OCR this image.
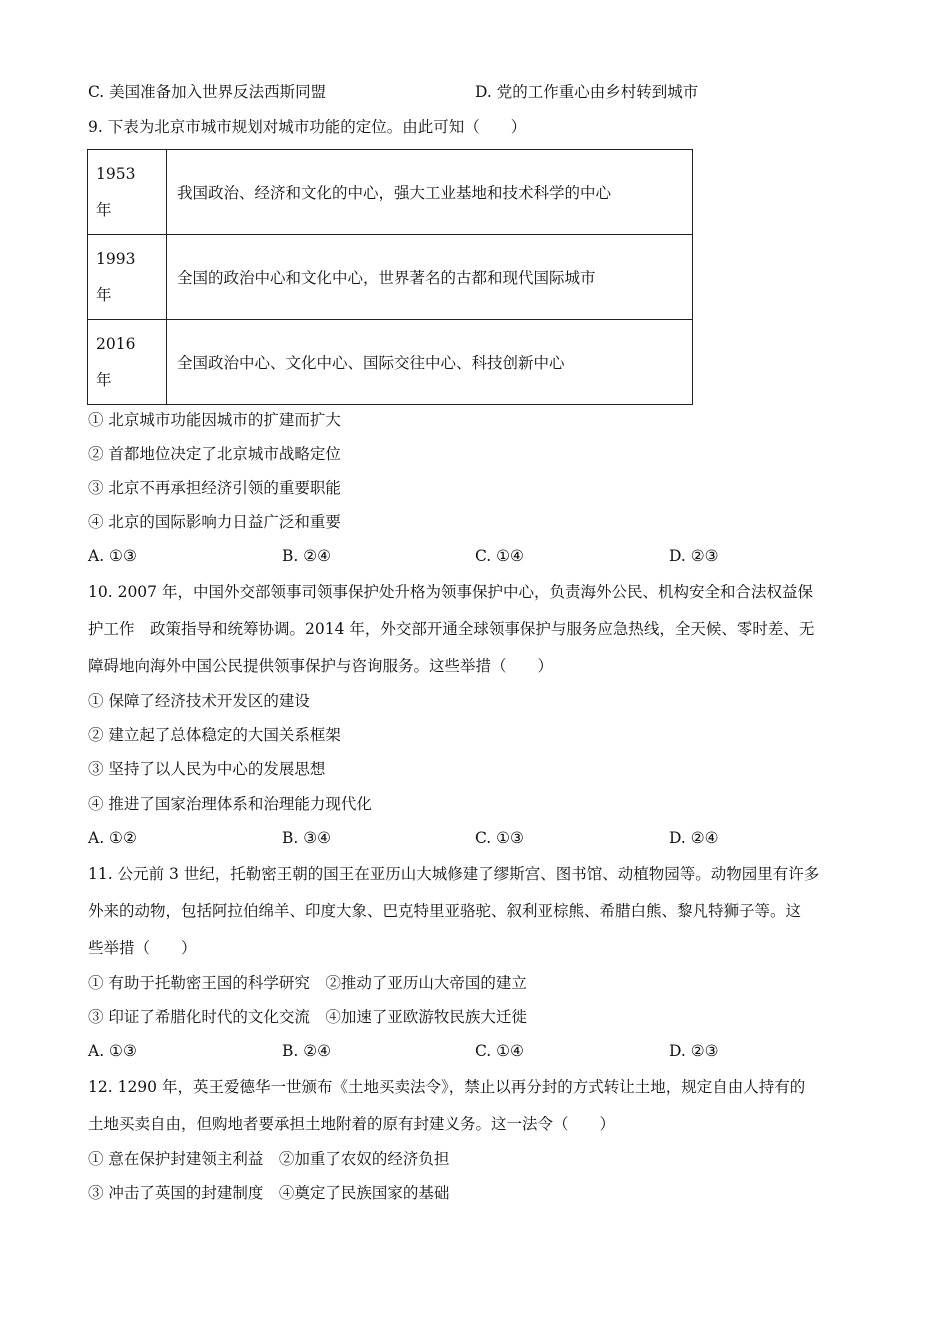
C. 美国准备加入世界反法西斯同盟	D. 党的工作重心由乡村转到城市
9. 下表为北京市城市规划对城市功能的定位。由此可知（　　）
1953
年	我国政治、经济和文化的中心，强大工业基地和技术科学的中心
1993
年	全国的政治中心和文化中心，世界著名的古都和现代国际城市
2016
年	全国政治中心、文化中心、国际交往中心、科技创新中心
① 北京城市功能因城市的扩建而扩大
② 首都地位决定了北京城市战略定位
③ 北京不再承担经济引领的重要职能
④ 北京的国际影响力日益广泛和重要
A. ①③	B. ②④	C. ①④	D. ②③
10. 2007 年，中国外交部领事司领事保护处升格为领事保护中心，负责海外公民、机构安全和合法权益保
护工作　政策指导和统筹协调。2014 年，外交部开通全球领事保护与服务应急热线，全天候、零时差、无
障碍地向海外中国公民提供领事保护与咨询服务。这些举措（　　）
① 保障了经济技术开发区的建设
② 建立起了总体稳定的大国关系框架
③ 坚持了以人民为中心的发展思想
④ 推进了国家治理体系和治理能力现代化
A. ①②	B. ③④	C. ①③	D. ②④
11. 公元前 3 世纪，托勒密王朝的国王在亚历山大城修建了缪斯宫、图书馆、动植物园等。动物园里有许多
外来的动物，包括阿拉伯绵羊、印度大象、巴克特里亚骆驼、叙利亚棕熊、希腊白熊、黎凡特狮子等。这
些举措（　　）
① 有助于托勒密王国的科学研究　②推动了亚历山大帝国的建立
③ 印证了希腊化时代的文化交流　④加速了亚欧游牧民族大迁徙
A. ①③	B. ②④	C. ①④	D. ②③
12. 1290 年，英王爱德华一世颁布《土地买卖法令》，禁止以再分封的方式转让土地，规定自由人持有的
土地买卖自由，但购地者要承担土地附着的原有封建义务。这一法令（　　）
① 意在保护封建领主利益　②加重了农奴的经济负担
③ 冲击了英国的封建制度　④奠定了民族国家的基础
